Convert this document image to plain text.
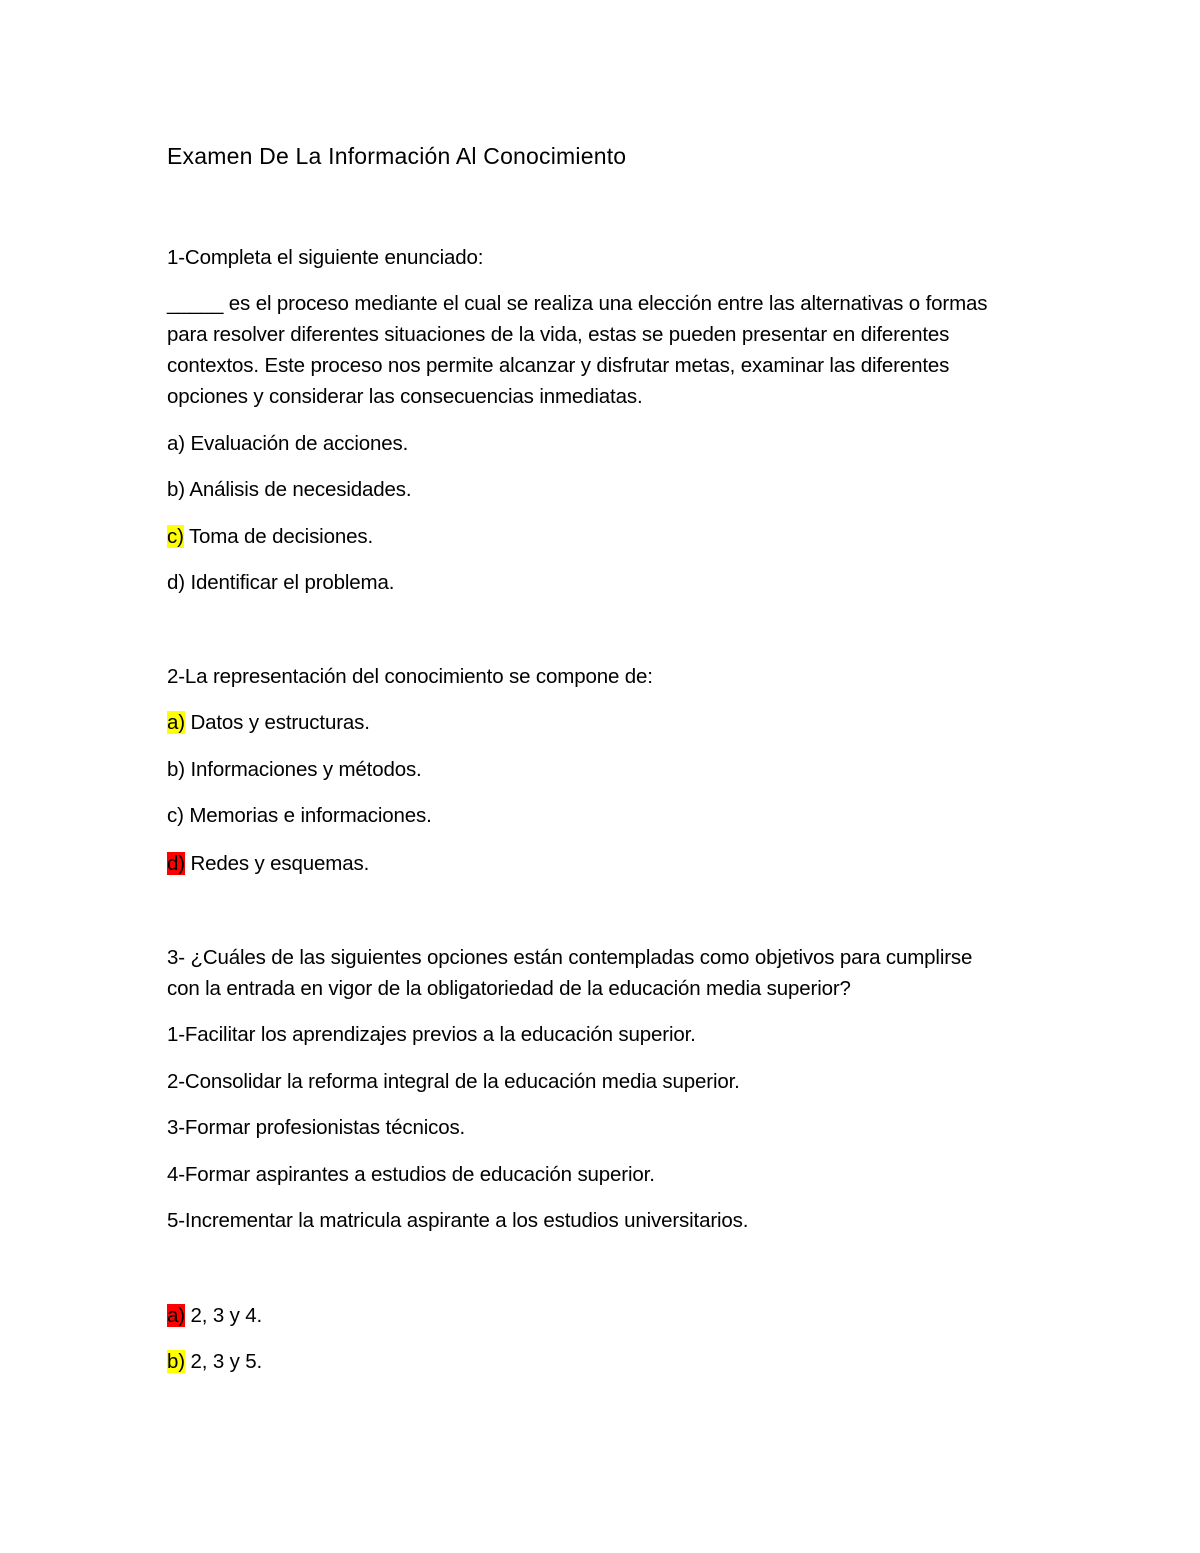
Examen De La Información Al Conocimiento
1-Completa el siguiente enunciado:
_____ es el proceso mediante el cual se realiza una elección entre las alternativas o formas
para resolver diferentes situaciones de la vida, estas se pueden presentar en diferentes
contextos. Este proceso nos permite alcanzar y disfrutar metas, examinar las diferentes
opciones y considerar las consecuencias inmediatas.
a) Evaluación de acciones.
b) Análisis de necesidades.
c) Toma de decisiones.
d) Identificar el problema.
2-La representación del conocimiento se compone de:
a) Datos y estructuras.
b) Informaciones y métodos.
c) Memorias e informaciones.
d) Redes y esquemas.
3- ¿Cuáles de las siguientes opciones están contempladas como objetivos para cumplirse
con la entrada en vigor de la obligatoriedad de la educación media superior?
1-Facilitar los aprendizajes previos a la educación superior.
2-Consolidar la reforma integral de la educación media superior.
3-Formar profesionistas técnicos.
4-Formar aspirantes a estudios de educación superior.
5-Incrementar la matricula aspirante a los estudios universitarios.
a) 2, 3 y 4.
b) 2, 3 y 5.
